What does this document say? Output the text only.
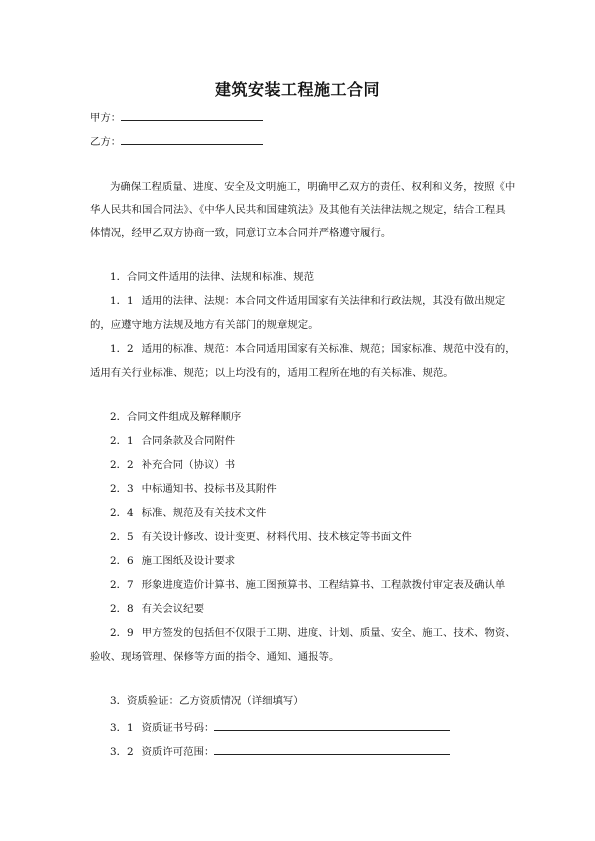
建筑安装工程施工合同
甲方：
乙方：
为确保工程质量、进度、安全及文明施工，明确甲乙双方的责任、权利和义务，按照《中
华人民共和国合同法》、《中华人民共和国建筑法》及其他有关法律法规之规定，结合工程具
体情况，经甲乙双方协商一致，同意订立本合同并严格遵守履行。
1．合同文件适用的法律、法规和标准、规范
1．1 适用的法律、法规：本合同文件适用国家有关法律和行政法规，其没有做出规定
的，应遵守地方法规及地方有关部门的规章规定。
1．2 适用的标准、规范：本合同适用国家有关标准、规范；国家标准、规范中没有的，
适用有关行业标准、规范；以上均没有的，适用工程所在地的有关标准、规范。
2．合同文件组成及解释顺序
2．1 合同条款及合同附件
2．2 补充合同（协议）书
2．3 中标通知书、投标书及其附件
2．4 标准、规范及有关技术文件
2．5 有关设计修改、设计变更、材料代用、技术核定等书面文件
2．6 施工图纸及设计要求
2．7 形象进度造价计算书、施工图预算书、工程结算书、工程款拨付审定表及确认单
2．8 有关会议纪要
2．9 甲方签发的包括但不仅限于工期、进度、计划、质量、安全、施工、技术、物资、
验收、现场管理、保修等方面的指令、通知、通报等。
3．资质验证：乙方资质情况（详细填写）
3．1 资质证书号码：
3．2 资质许可范围：
